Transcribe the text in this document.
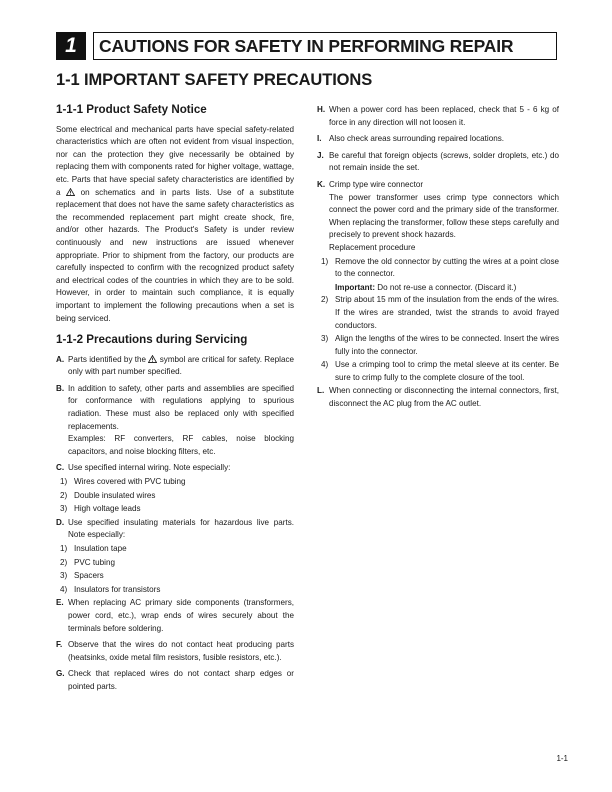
1	CAUTIONS FOR SAFETY IN PERFORMING REPAIR
1-1 IMPORTANT SAFETY PRECAUTIONS
1-1-1 Product Safety Notice
Some electrical and mechanical parts have special safety-related characteristics which are often not evident from visual inspection, nor can the protection they give necessarily be obtained by replacing them with components rated for higher voltage, wattage, etc. Parts that have special safety characteristics are identified by a on schematics and in parts lists. Use of a substitute replacement that does not have the same safety characteristics as the recommended replacement part might create shock, fire, and/or other hazards. The Product's Safety is under review continuously and new instructions are issued whenever appropriate. Prior to shipment from the factory, our products are carefully inspected to confirm with the recognized product safety and electrical codes of the countries in which they are to be sold. However, in order to maintain such compliance, it is equally important to implement the following precautions when a set is being serviced.
1-1-2 Precautions during Servicing
A. Parts identified by the symbol are critical for safety. Replace only with part number specified.
B. In addition to safety, other parts and assemblies are specified for conformance with regulations applying to spurious radiation. These must also be replaced only with specified replacements.
Examples: RF converters, RF cables, noise blocking capacitors, and noise blocking filters, etc.
C. Use specified internal wiring. Note especially:
1) Wires covered with PVC tubing
2) Double insulated wires
3) High voltage leads
D. Use specified insulating materials for hazardous live parts. Note especially:
1) Insulation tape
2) PVC tubing
3) Spacers
4) Insulators for transistors
E. When replacing AC primary side components (transformers, power cord, etc.), wrap ends of wires securely about the terminals before soldering.
F. Observe that the wires do not contact heat producing parts (heatsinks, oxide metal film resistors, fusible resistors, etc.).
G. Check that replaced wires do not contact sharp edges or pointed parts.
H. When a power cord has been replaced, check that 5 - 6 kg of force in any direction will not loosen it.
I. Also check areas surrounding repaired locations.
J. Be careful that foreign objects (screws, solder droplets, etc.) do not remain inside the set.
K. Crimp type wire connector
The power transformer uses crimp type connectors which connect the power cord and the primary side of the transformer. When replacing the transformer, follow these steps carefully and precisely to prevent shock hazards.
Replacement procedure
1) Remove the old connector by cutting the wires at a point close to the connector.
Important: Do not re-use a connector. (Discard it.)
2) Strip about 15 mm of the insulation from the ends of the wires. If the wires are stranded, twist the strands to avoid frayed conductors.
3) Align the lengths of the wires to be connected. Insert the wires fully into the connector.
4) Use a crimping tool to crimp the metal sleeve at its center. Be sure to crimp fully to the complete closure of the tool.
L. When connecting or disconnecting the internal connectors, first, disconnect the AC plug from the AC outlet.
1-1
